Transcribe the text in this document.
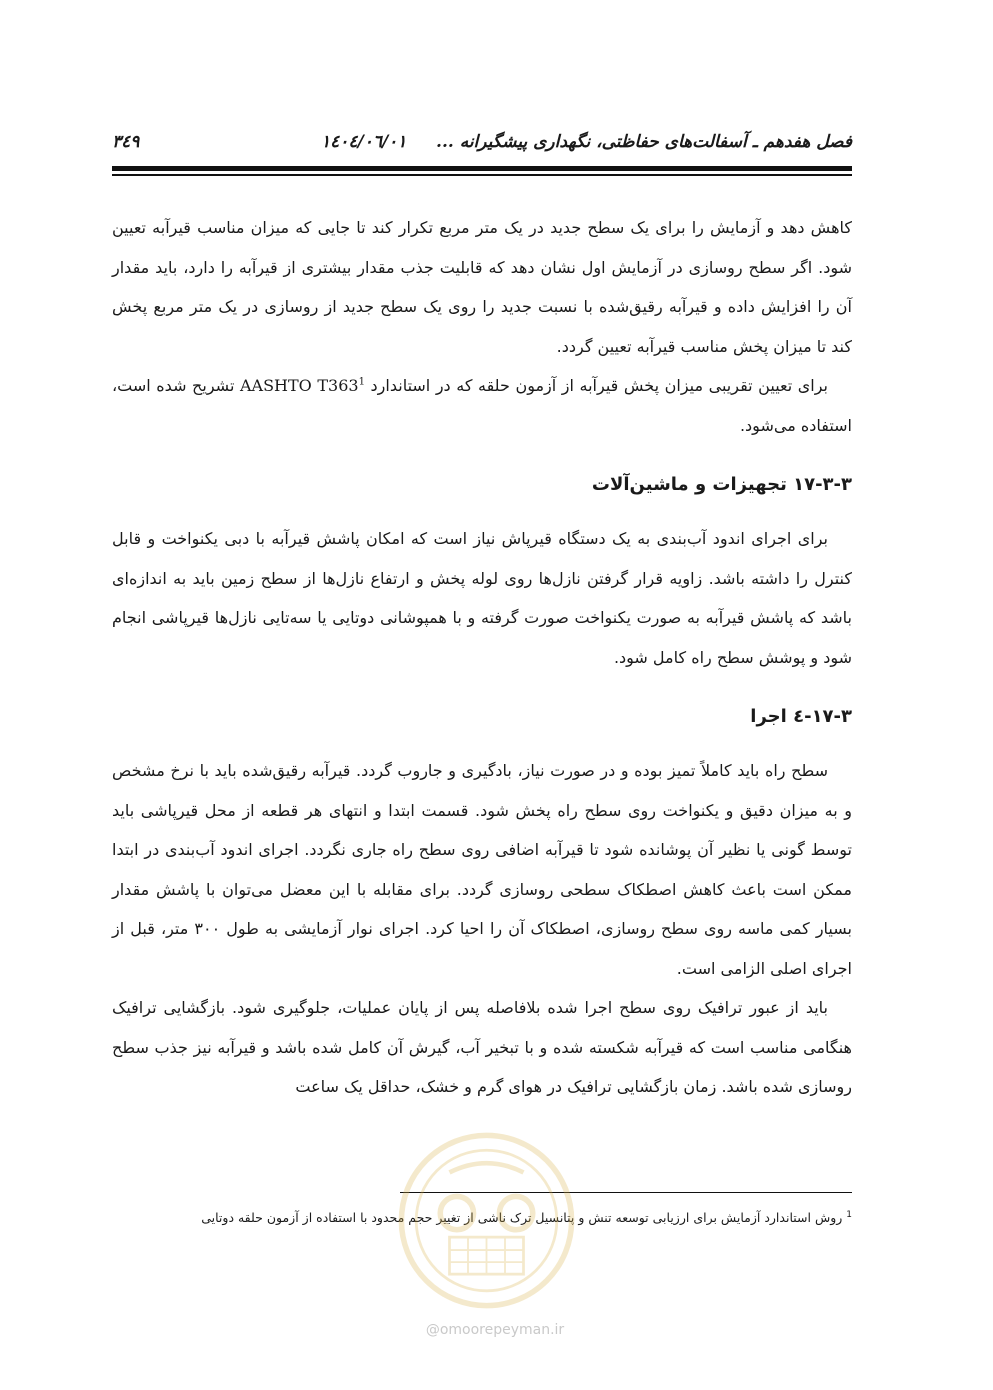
فصل هفدهم ـ آسفالت‌های حفاظتی، نگهداری پیشگیرانه ...     ١٤٠٤/٠٦/٠١
٣٤٩

کاهش دهد و آزمایش را برای یک سطح جدید در یک متر مربع تکرار کند تا جایی که میزان مناسب قیرآبه تعیین شود. اگر سطح روسازی در آزمایش اول نشان دهد که قابلیت جذب مقدار بیشتری از قیرآبه را دارد، باید مقدار آن را افزایش داده و قیرآبه رقیق‌شده با نسبت جدید را روی یک سطح جدید از روسازی در یک متر مربع پخش کند تا میزان پخش مناسب قیرآبه تعیین گردد.

برای تعیین تقریبی میزان پخش قیرآبه از آزمون حلقه که در استاندارد AASHTO T363$^1$ تشریح شده است، استفاده می‌شود.

۱۷-۳-۳ تجهیزات و ماشین‌آلات

برای اجرای اندود آب‌بندی به یک دستگاه قیرپاش نیاز است که امکان پاشش قیرآبه با دبی یکنواخت و قابل کنترل را داشته باشد. زاویه قرار گرفتن نازل‌ها روی لوله پخش و ارتفاع نازل‌ها از سطح زمین باید به اندازه‌ای باشد که پاشش قیرآبه به صورت یکنواخت صورت گرفته و با همپوشانی دوتایی یا سه‌تایی نازل‌ها قیرپاشی انجام شود و پوشش سطح راه کامل شود.

۱۷-۳-٤ اجرا

سطح راه باید کاملاً تمیز بوده و در صورت نیاز، بادگیری و جاروب گردد. قیرآبه رقیق‌شده باید با نرخ مشخص و به میزان دقیق و یکنواخت روی سطح راه پخش شود. قسمت ابتدا و انتهای هر قطعه از محل قیرپاشی باید توسط گونی یا نظیر آن پوشانده شود تا قیرآبه اضافی روی سطح راه جاری نگردد. اجرای اندود آب‌بندی در ابتدا ممکن است باعث کاهش اصطکاک سطحی روسازی گردد. برای مقابله با این معضل می‌توان با پاشش مقدار بسیار کمی ماسه روی سطح روسازی، اصطکاک آن را احیا کرد. اجرای نوار آزمایشی به طول ۳۰۰ متر، قبل از اجرای اصلی الزامی است.

باید از عبور ترافیک روی سطح اجرا شده بلافاصله پس از پایان عملیات، جلوگیری شود. بازگشایی ترافیک هنگامی مناسب است که قیرآبه شکسته شده و با تبخیر آب، گیرش آن کامل شده باشد و قیرآبه نیز جذب سطح روسازی شده باشد. زمان بازگشایی ترافیک در هوای گرم و خشک، حداقل یک ساعت

$^1$ روش استاندارد آزمایش برای ارزیابی توسعه تنش و پتانسیل ترک ناشی از تغییر حجم محدود با استفاده از آزمون حلقه دوتایی
@omoorepeyman.ir
